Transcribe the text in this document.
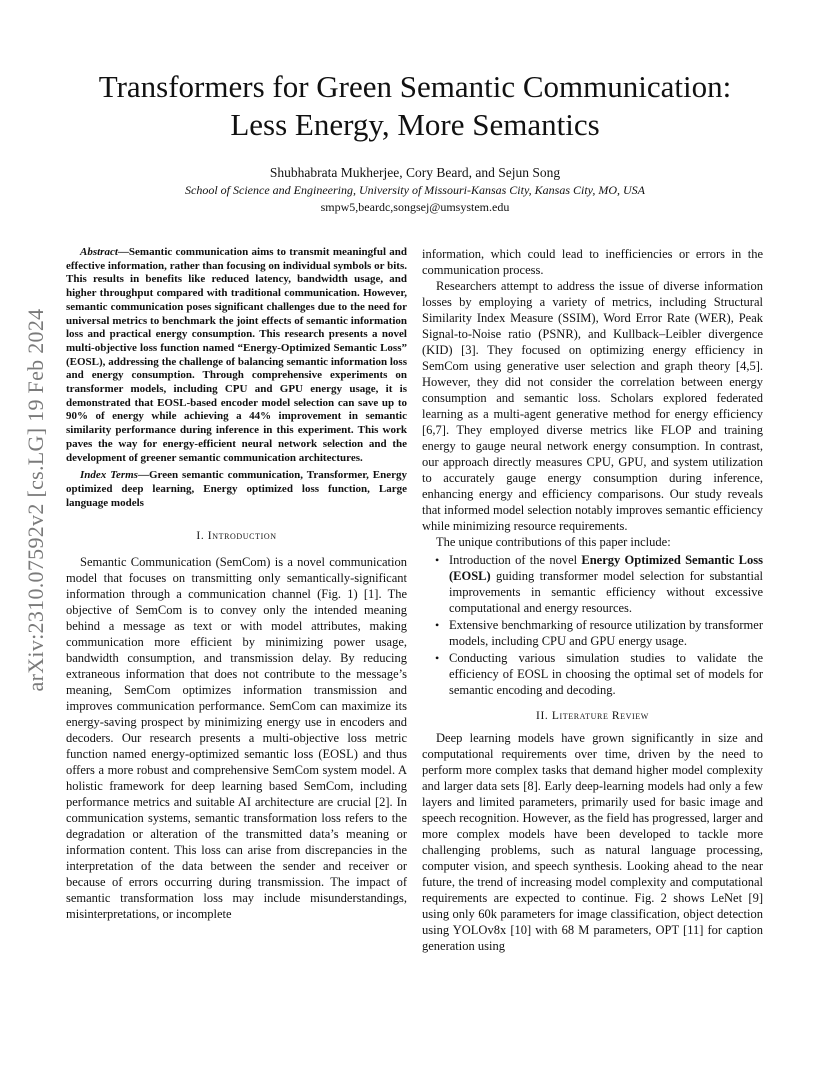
arXiv:2310.07592v2 [cs.LG] 19 Feb 2024
Transformers for Green Semantic Communication:
Less Energy, More Semantics
Shubhabrata Mukherjee, Cory Beard, and Sejun Song
School of Science and Engineering, University of Missouri-Kansas City, Kansas City, MO, USA
smpw5,beardc,songsej@umsystem.edu

Abstract—Semantic communication aims to transmit meaningful and effective information, rather than focusing on individual symbols or bits. This results in benefits like reduced latency, bandwidth usage, and higher throughput compared with traditional communication. However, semantic communication poses significant challenges due to the need for universal metrics to benchmark the joint effects of semantic information loss and practical energy consumption. This research presents a novel multi-objective loss function named “Energy-Optimized Semantic Loss” (EOSL), addressing the challenge of balancing semantic information loss and energy consumption. Through comprehensive experiments on transformer models, including CPU and GPU energy usage, it is demonstrated that EOSL-based encoder model selection can save up to 90% of energy while achieving a 44% improvement in semantic similarity performance during inference in this experiment. This work paves the way for energy-efficient neural network selection and the development of greener semantic communication architectures.

Index Terms—Green semantic communication, Transformer, Energy optimized deep learning, Energy optimized loss function, Large language models

I. Introduction

Semantic Communication (SemCom) is a novel communication model that focuses on transmitting only semantically-significant information through a communication channel (Fig. 1) [1]. The objective of SemCom is to convey only the intended meaning behind a message as text or with model attributes, making communication more efficient by minimizing power usage, bandwidth consumption, and transmission delay. By reducing extraneous information that does not contribute to the message’s meaning, SemCom optimizes information transmission and improves communication performance. SemCom can maximize its energy-saving prospect by minimizing energy use in encoders and decoders. Our research presents a multi-objective loss metric function named energy-optimized semantic loss (EOSL) and thus offers a more robust and comprehensive SemCom system model. A holistic framework for deep learning based SemCom, including performance metrics and suitable AI architecture are crucial [2]. In communication systems, semantic transformation loss refers to the degradation or alteration of the transmitted data’s meaning or information content. This loss can arise from discrepancies in the interpretation of the data between the sender and receiver or because of errors occurring during transmission. The impact of semantic transformation loss may include misunderstandings, misinterpretations, or incomplete

information, which could lead to inefficiencies or errors in the communication process.

Researchers attempt to address the issue of diverse information losses by employing a variety of metrics, including Structural Similarity Index Measure (SSIM), Word Error Rate (WER), Peak Signal-to-Noise ratio (PSNR), and Kullback–Leibler divergence (KID) [3]. They focused on optimizing energy efficiency in SemCom using generative user selection and graph theory [4,5]. However, they did not consider the correlation between energy consumption and semantic loss. Scholars explored federated learning as a multi-agent generative method for energy efficiency [6,7]. They employed diverse metrics like FLOP and training energy to gauge neural network energy consumption. In contrast, our approach directly measures CPU, GPU, and system utilization to accurately gauge energy consumption during inference, enhancing energy and efficiency comparisons. Our study reveals that informed model selection notably improves semantic efficiency while minimizing resource requirements.

The unique contributions of this paper include:

• Introduction of the novel Energy Optimized Semantic Loss (EOSL) guiding transformer model selection for substantial improvements in semantic efficiency without excessive computational and energy resources.
• Extensive benchmarking of resource utilization by transformer models, including CPU and GPU energy usage.
• Conducting various simulation studies to validate the efficiency of EOSL in choosing the optimal set of models for semantic encoding and decoding.
II. Literature Review

Deep learning models have grown significantly in size and computational requirements over time, driven by the need to perform more complex tasks that demand higher model complexity and larger data sets [8]. Early deep-learning models had only a few layers and limited parameters, primarily used for basic image and speech recognition. However, as the field has progressed, larger and more complex models have been developed to tackle more challenging problems, such as natural language processing, computer vision, and speech synthesis. Looking ahead to the near future, the trend of increasing model complexity and computational requirements are expected to continue. Fig. 2 shows LeNet [9] using only 60k parameters for image classification, object detection using YOLOv8x [10] with 68 M parameters, OPT [11] for caption generation using
